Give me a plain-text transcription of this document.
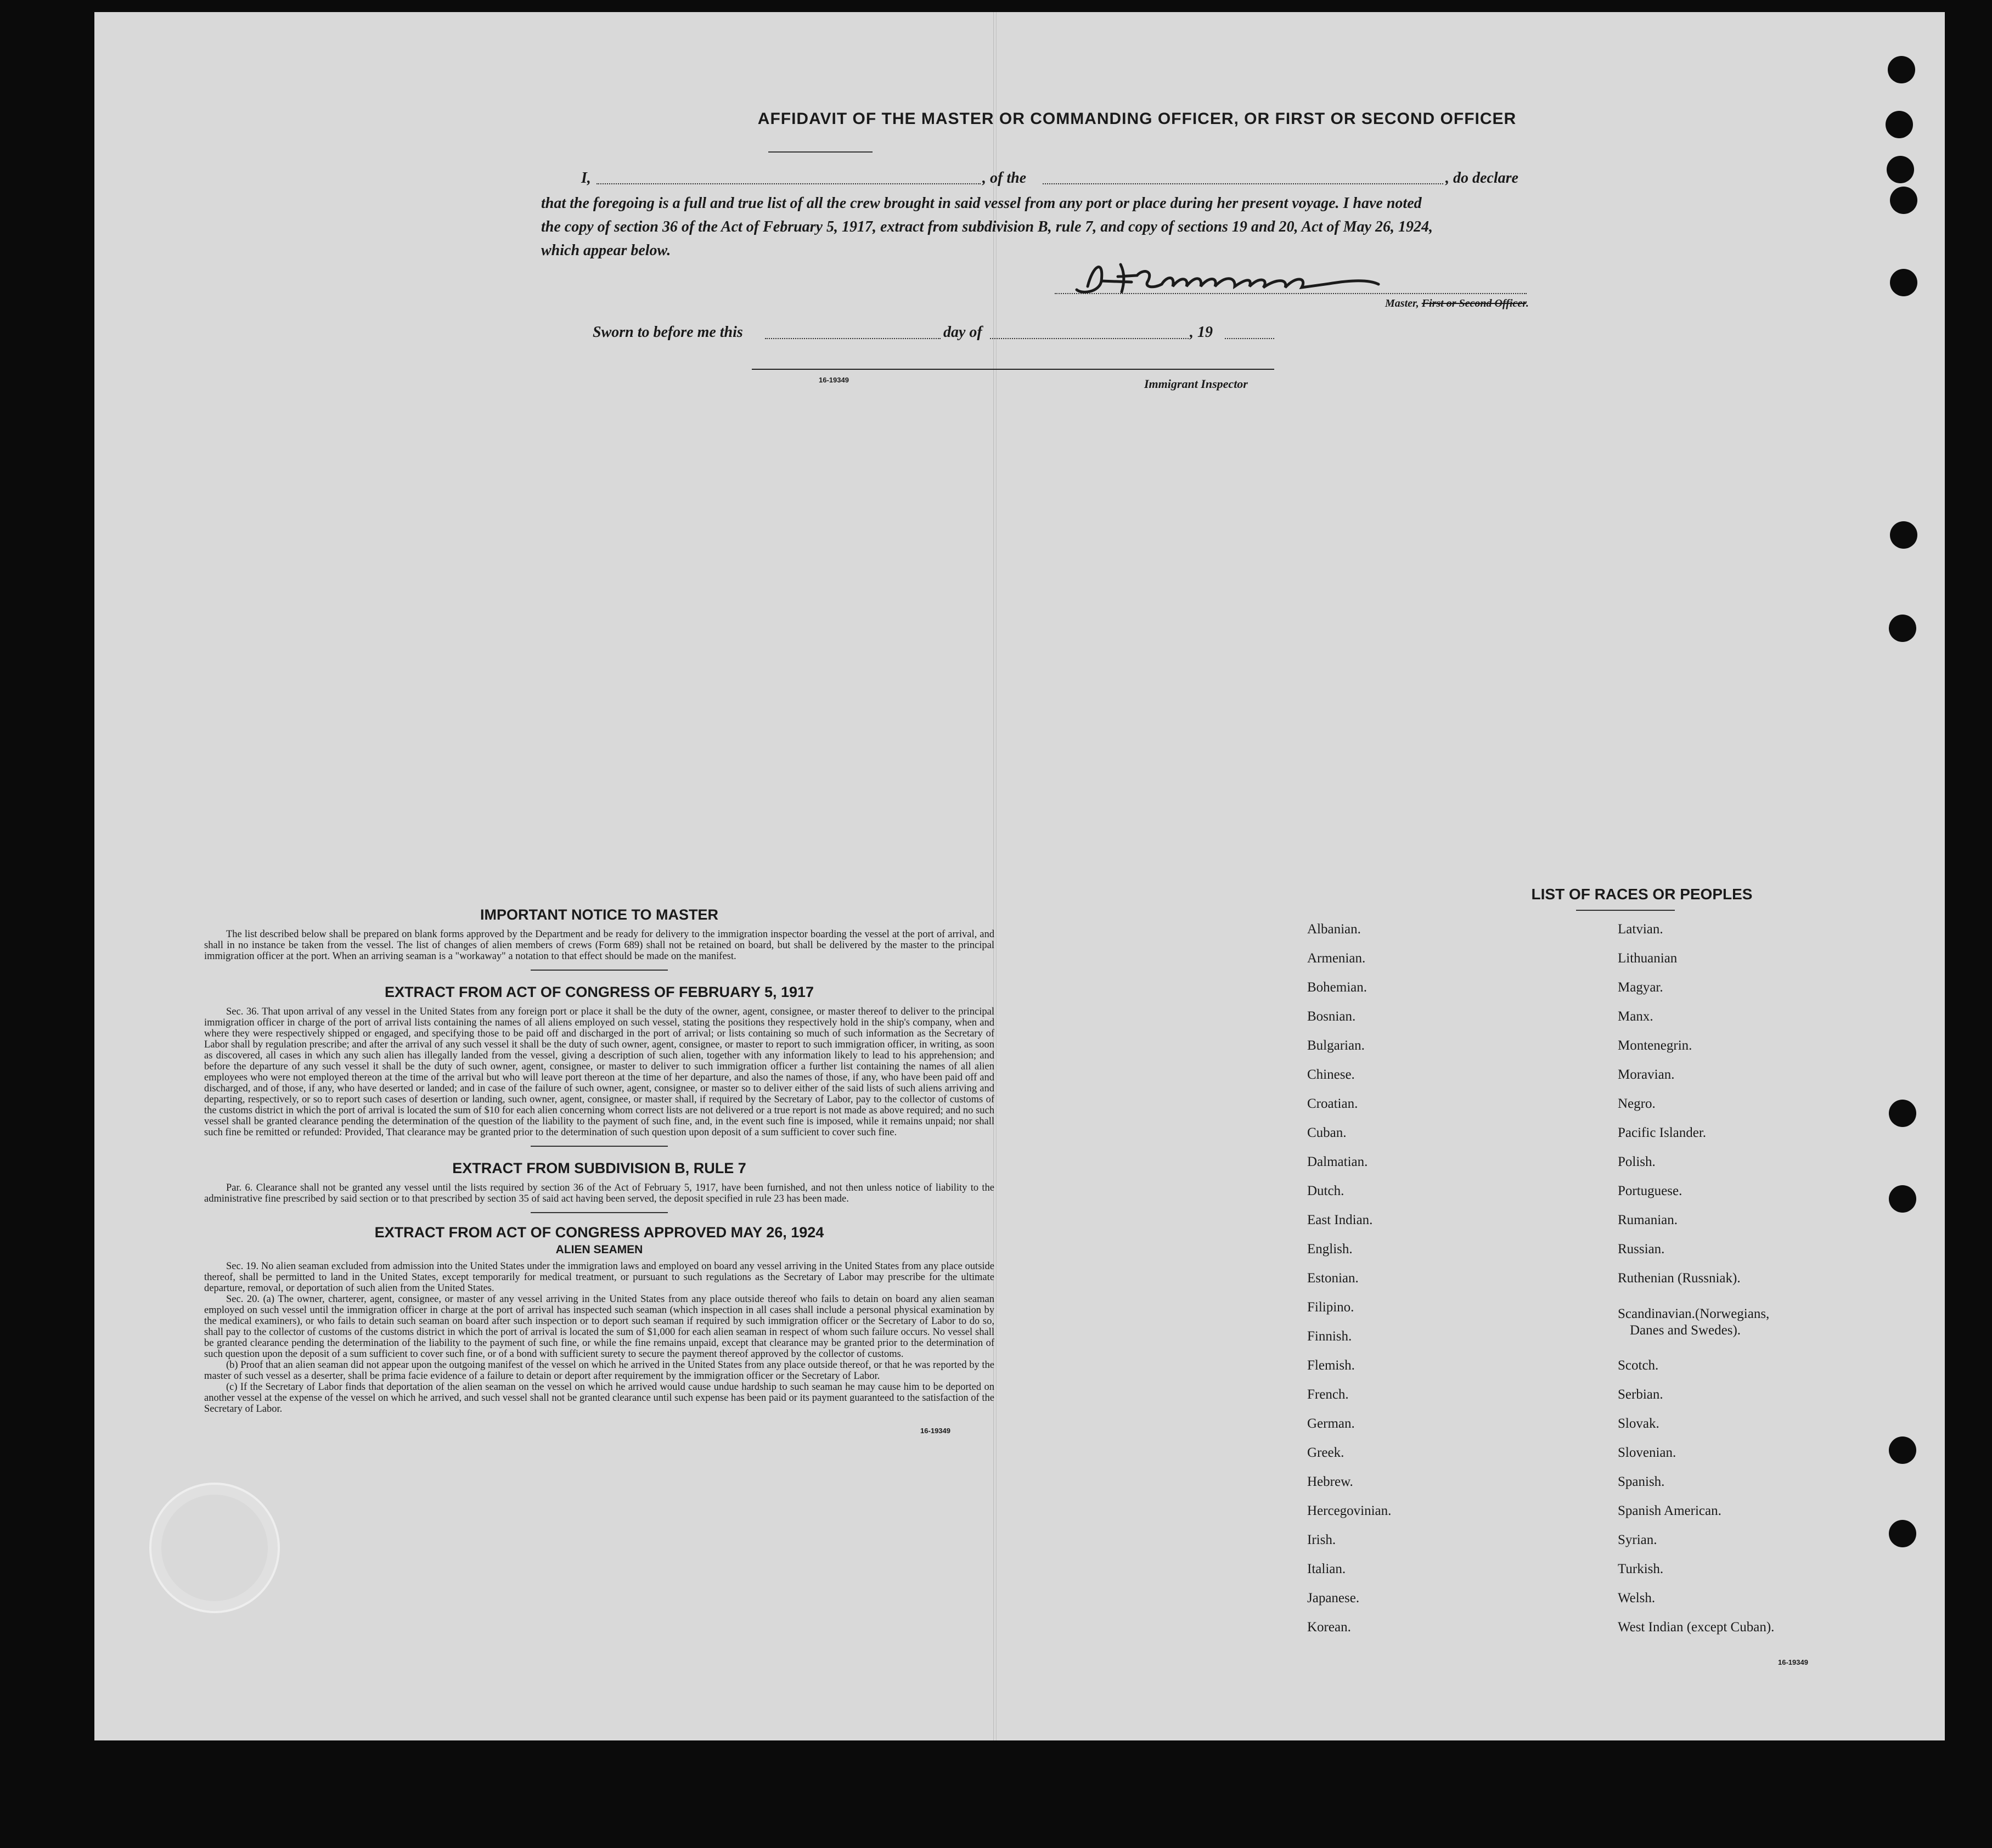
AFFIDAVIT OF THE MASTER OR COMMANDING OFFICER, OR FIRST OR SECOND OFFICER
I,	, of the	, do declare
that the foregoing is a full and true list of all the crew brought in said vessel from any port or place during her present voyage. I have noted
the copy of section 36 of the Act of February 5, 1917, extract from subdivision B, rule 7, and copy of sections 19 and 20, Act of May 26, 1924,
which appear below.
Master, First or Second Officer.
Sworn to before me this	day of	, 19
16-19349	Immigrant Inspector
IMPORTANT NOTICE TO MASTER
The list described below shall be prepared on blank forms approved by the Department and be ready for delivery to the immigration inspector boarding the vessel at the port of arrival, and shall in no instance be taken from the vessel. The list of changes of alien members of crews (Form 689) shall not be retained on board, but shall be delivered by the master to the principal immigration officer at the port. When an arriving seaman is a "workaway" a notation to that effect should be made on the manifest.
EXTRACT FROM ACT OF CONGRESS OF FEBRUARY 5, 1917
Sec. 36. That upon arrival of any vessel in the United States from any foreign port or place it shall be the duty of the owner, agent, consignee, or master thereof to deliver to the principal immigration officer in charge of the port of arrival lists containing the names of all aliens employed on such vessel, stating the positions they respectively hold in the ship's company, when and where they were respectively shipped or engaged, and specifying those to be paid off and discharged in the port of arrival; or lists containing so much of such information as the Secretary of Labor shall by regulation prescribe; and after the arrival of any such vessel it shall be the duty of such owner, agent, consignee, or master to report to such immigration officer, in writing, as soon as discovered, all cases in which any such alien has illegally landed from the vessel, giving a description of such alien, together with any information likely to lead to his apprehension; and before the departure of any such vessel it shall be the duty of such owner, agent, consignee, or master to deliver to such immigration officer a further list containing the names of all alien employees who were not employed thereon at the time of the arrival but who will leave port thereon at the time of her departure, and also the names of those, if any, who have been paid off and discharged, and of those, if any, who have deserted or landed; and in case of the failure of such owner, agent, consignee, or master so to deliver either of the said lists of such aliens arriving and departing, respectively, or so to report such cases of desertion or landing, such owner, agent, consignee, or master shall, if required by the Secretary of Labor, pay to the collector of customs of the customs district in which the port of arrival is located the sum of $10 for each alien concerning whom correct lists are not delivered or a true report is not made as above required; and no such vessel shall be granted clearance pending the determination of the question of the liability to the payment of such fine, and, in the event such fine is imposed, while it remains unpaid; nor shall such fine be remitted or refunded: Provided, That clearance may be granted prior to the determination of such question upon deposit of a sum sufficient to cover such fine.
EXTRACT FROM SUBDIVISION B, RULE 7
Par. 6. Clearance shall not be granted any vessel until the lists required by section 36 of the Act of February 5, 1917, have been furnished, and not then unless notice of liability to the administrative fine prescribed by said section or to that prescribed by section 35 of said act having been served, the deposit specified in rule 23 has been made.
EXTRACT FROM ACT OF CONGRESS APPROVED MAY 26, 1924
ALIEN SEAMEN
Sec. 19. No alien seaman excluded from admission into the United States under the immigration laws and employed on board any vessel arriving in the United States from any place outside thereof, shall be permitted to land in the United States, except temporarily for medical treatment, or pursuant to such regulations as the Secretary of Labor may prescribe for the ultimate departure, removal, or deportation of such alien from the United States.
Sec. 20. (a) The owner, charterer, agent, consignee, or master of any vessel arriving in the United States from any place outside thereof who fails to detain on board any alien seaman employed on such vessel until the immigration officer in charge at the port of arrival has inspected such seaman (which inspection in all cases shall include a personal physical examination by the medical examiners), or who fails to detain such seaman on board after such inspection or to deport such seaman if required by such immigration officer or the Secretary of Labor to do so, shall pay to the collector of customs of the customs district in which the port of arrival is located the sum of $1,000 for each alien seaman in respect of whom such failure occurs. No vessel shall be granted clearance pending the determination of the liability to the payment of such fine, or while the fine remains unpaid, except that clearance may be granted prior to the determination of such question upon the deposit of a sum sufficient to cover such fine, or of a bond with sufficient surety to secure the payment thereof approved by the collector of customs.
(b) Proof that an alien seaman did not appear upon the outgoing manifest of the vessel on which he arrived in the United States from any place outside thereof, or that he was reported by the master of such vessel as a deserter, shall be prima facie evidence of a failure to detain or deport after requirement by the immigration officer or the Secretary of Labor.
(c) If the Secretary of Labor finds that deportation of the alien seaman on the vessel on which he arrived would cause undue hardship to such seaman he may cause him to be deported on another vessel at the expense of the vessel on which he arrived, and such vessel shall not be granted clearance until such expense has been paid or its payment guaranteed to the satisfaction of the Secretary of Labor.
16-19349
LIST OF RACES OR PEOPLES
Albanian.
Armenian.
Bohemian.
Bosnian.
Bulgarian.
Chinese.
Croatian.
Cuban.
Dalmatian.
Dutch.
East Indian.
English.
Estonian.
Filipino.
Finnish.
Flemish.
French.
German.
Greek.
Hebrew.
Hercegovinian.
Irish.
Italian.
Japanese.
Korean.
Latvian.
Lithuanian
Magyar.
Manx.
Montenegrin.
Moravian.
Negro.
Pacific Islander.
Polish.
Portuguese.
Rumanian.
Russian.
Ruthenian (Russniak).
Scandinavian.(Norwegians,
Danes and Swedes).
Scotch.
Serbian.
Slovak.
Slovenian.
Spanish.
Spanish American.
Syrian.
Turkish.
Welsh.
West Indian (except Cuban).
16-19349
